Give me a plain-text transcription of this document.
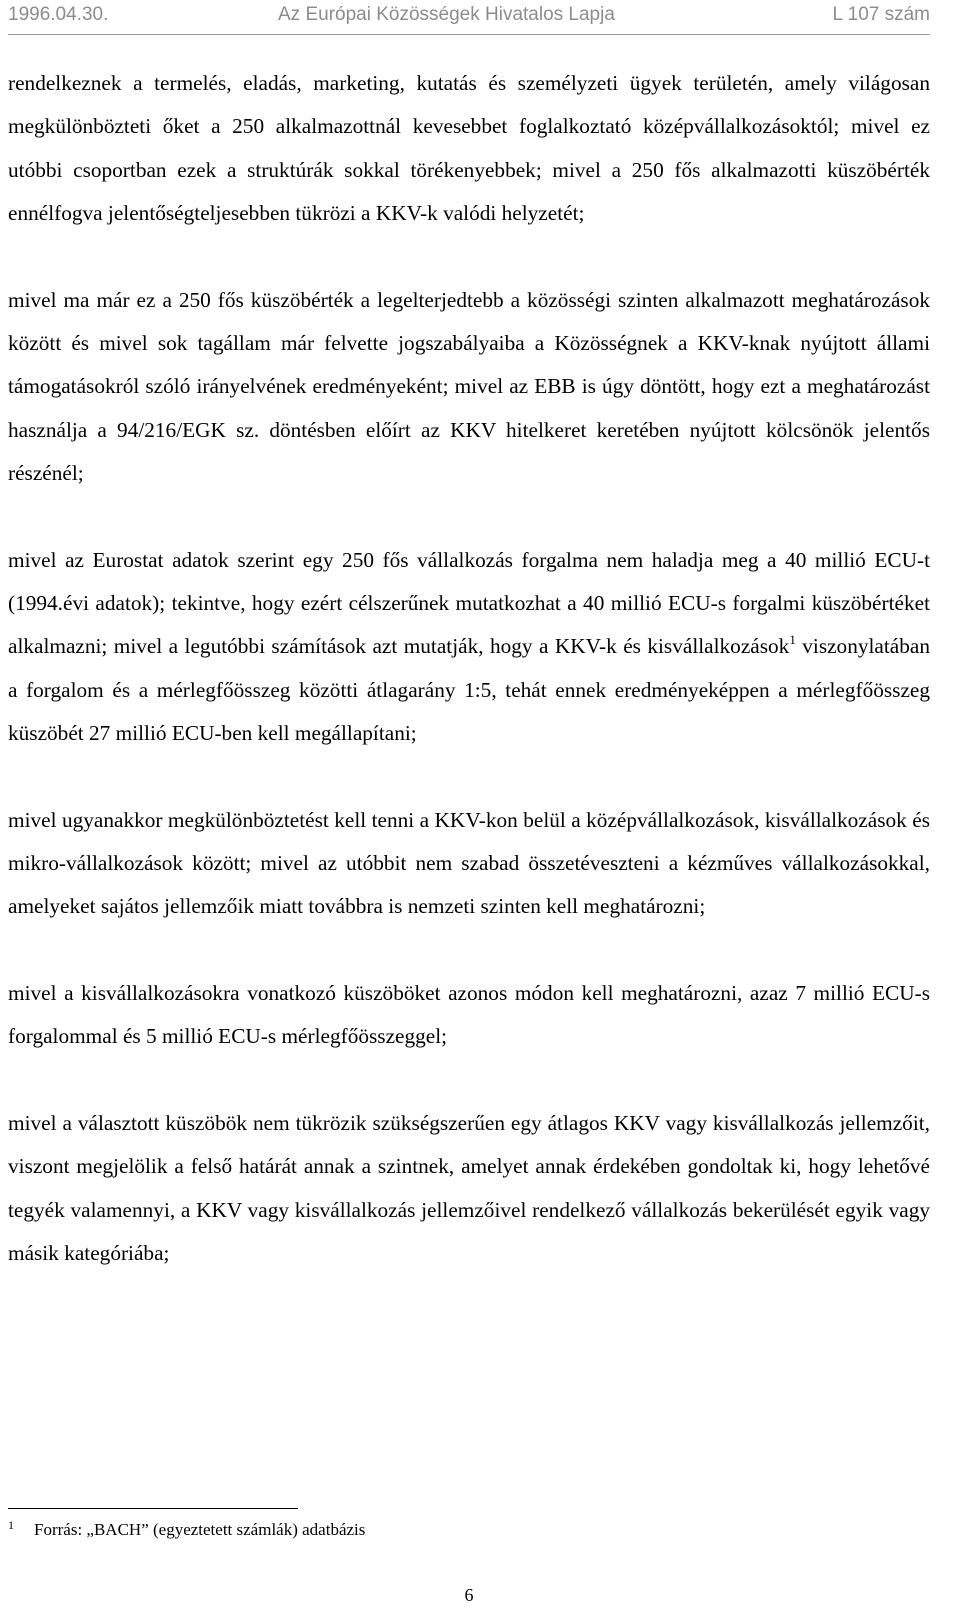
1996.04.30.	Az Európai Közösségek Hivatalos Lapja	L 107 szám

rendelkeznek a termelés, eladás, marketing, kutatás és személyzeti ügyek területén, amely világosan megkülönbözteti őket a 250 alkalmazottnál kevesebbet foglalkoztató középvállalkozásoktól; mivel ez utóbbi csoportban ezek a struktúrák sokkal törékenyebbek; mivel a 250 fős alkalmazotti küszöbérték ennélfogva jelentőségteljesebben tükrözi a KKV-k valódi helyzetét;

mivel ma már ez a 250 fős küszöbérték a legelterjedtebb a közösségi szinten alkalmazott meghatározások között és mivel sok tagállam már felvette jogszabályaiba a Közösségnek a KKV-knak nyújtott állami támogatásokról szóló irányelvének eredményeként; mivel az EBB is úgy döntött, hogy ezt a meghatározást használja a 94/216/EGK sz. döntésben előírt az KKV hitelkeret keretében nyújtott kölcsönök jelentős részénél;

mivel az Eurostat adatok szerint egy 250 fős vállalkozás forgalma nem haladja meg a 40 millió ECU-t (1994.évi adatok); tekintve, hogy ezért célszerűnek mutatkozhat a 40 millió ECU-s forgalmi küszöbértéket alkalmazni; mivel a legutóbbi számítások azt mutatják, hogy a KKV-k és kisvállalkozások$^1$ viszonylatában a forgalom és a mérlegfőösszeg közötti átlagarány 1:5, tehát ennek eredményeképpen a mérlegfőösszeg küszöbét 27 millió ECU-ben kell megállapítani;

mivel ugyanakkor megkülönböztetést kell tenni a KKV-kon belül a középvállalkozások, kisvállalkozások és mikro-vállalkozások között; mivel az utóbbit nem szabad összetéveszteni a kézműves vállalkozásokkal, amelyeket sajátos jellemzőik miatt továbbra is nemzeti szinten kell meghatározni;

mivel a kisvállalkozásokra vonatkozó küszöböket azonos módon kell meghatározni, azaz 7 millió ECU-s forgalommal és 5 millió ECU-s mérlegfőösszeggel;

mivel a választott küszöbök nem tükrözik szükségszerűen egy átlagos KKV vagy kisvállalkozás jellemzőit, viszont megjelölik a felső határát annak a szintnek, amelyet annak érdekében gondoltak ki, hogy lehetővé tegyék valamennyi, a KKV vagy kisvállalkozás jellemzőivel rendelkező vállalkozás bekerülését egyik vagy másik kategóriába;

$^1$ Forrás: „BACH” (egyeztetett számlák) adatbázis
6
